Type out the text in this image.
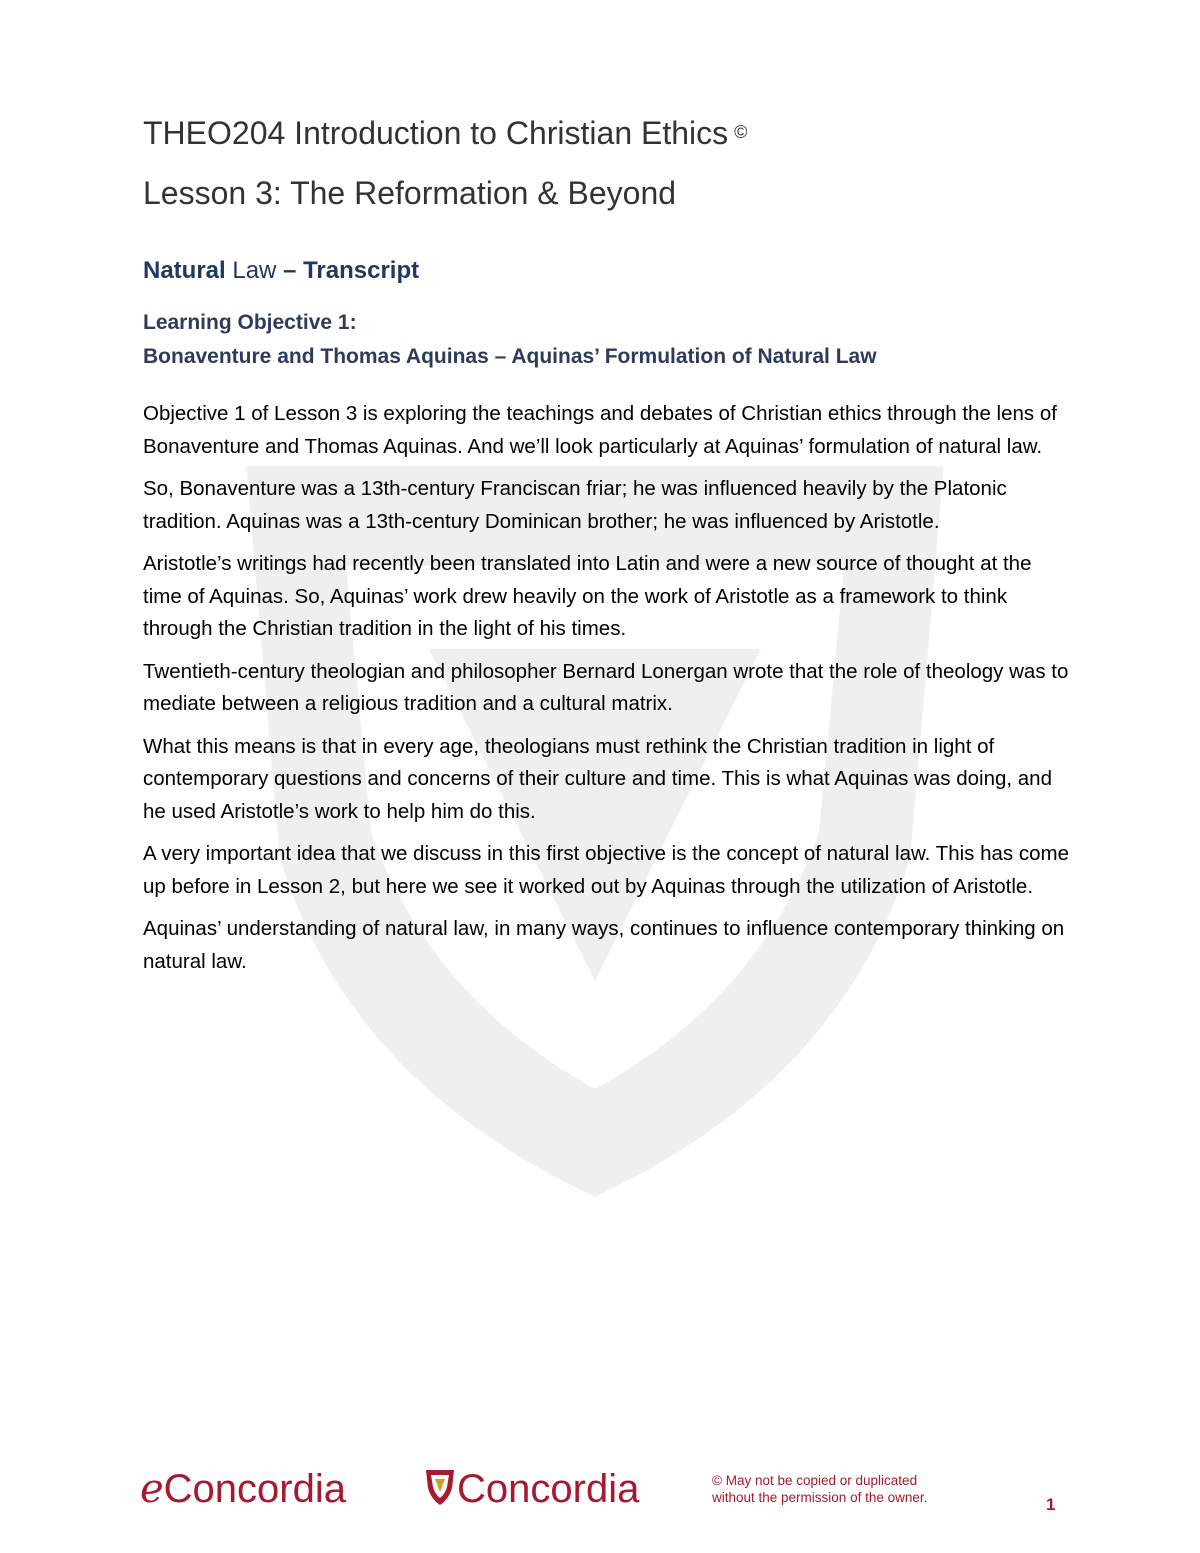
THEO204 Introduction to Christian Ethics ©
Lesson 3: The Reformation & Beyond
Natural Law – Transcript
Learning Objective 1:
Bonaventure and Thomas Aquinas – Aquinas’ Formulation of Natural Law

Objective 1 of Lesson 3 is exploring the teachings and debates of Christian ethics through the lens of Bonaventure and Thomas Aquinas. And we’ll look particularly at Aquinas’ formulation of natural law.

So, Bonaventure was a 13th-century Franciscan friar; he was influenced heavily by the Platonic tradition. Aquinas was a 13th-century Dominican brother; he was influenced by Aristotle.

Aristotle’s writings had recently been translated into Latin and were a new source of thought at the time of Aquinas. So, Aquinas’ work drew heavily on the work of Aristotle as a framework to think through the Christian tradition in the light of his times.

Twentieth-century theologian and philosopher Bernard Lonergan wrote that the role of theology was to mediate between a religious tradition and a cultural matrix.

What this means is that in every age, theologians must rethink the Christian tradition in light of contemporary questions and concerns of their culture and time. This is what Aquinas was doing, and he used Aristotle’s work to help him do this.

A very important idea that we discuss in this first objective is the concept of natural law. This has come up before in Lesson 2, but here we see it worked out by Aquinas through the utilization of Aristotle.

Aquinas’ understanding of natural law, in many ways, continues to influence contemporary thinking on natural law.

eConcordia	Concordia	© May not be copied or duplicated
without the permission of the owner.	1
